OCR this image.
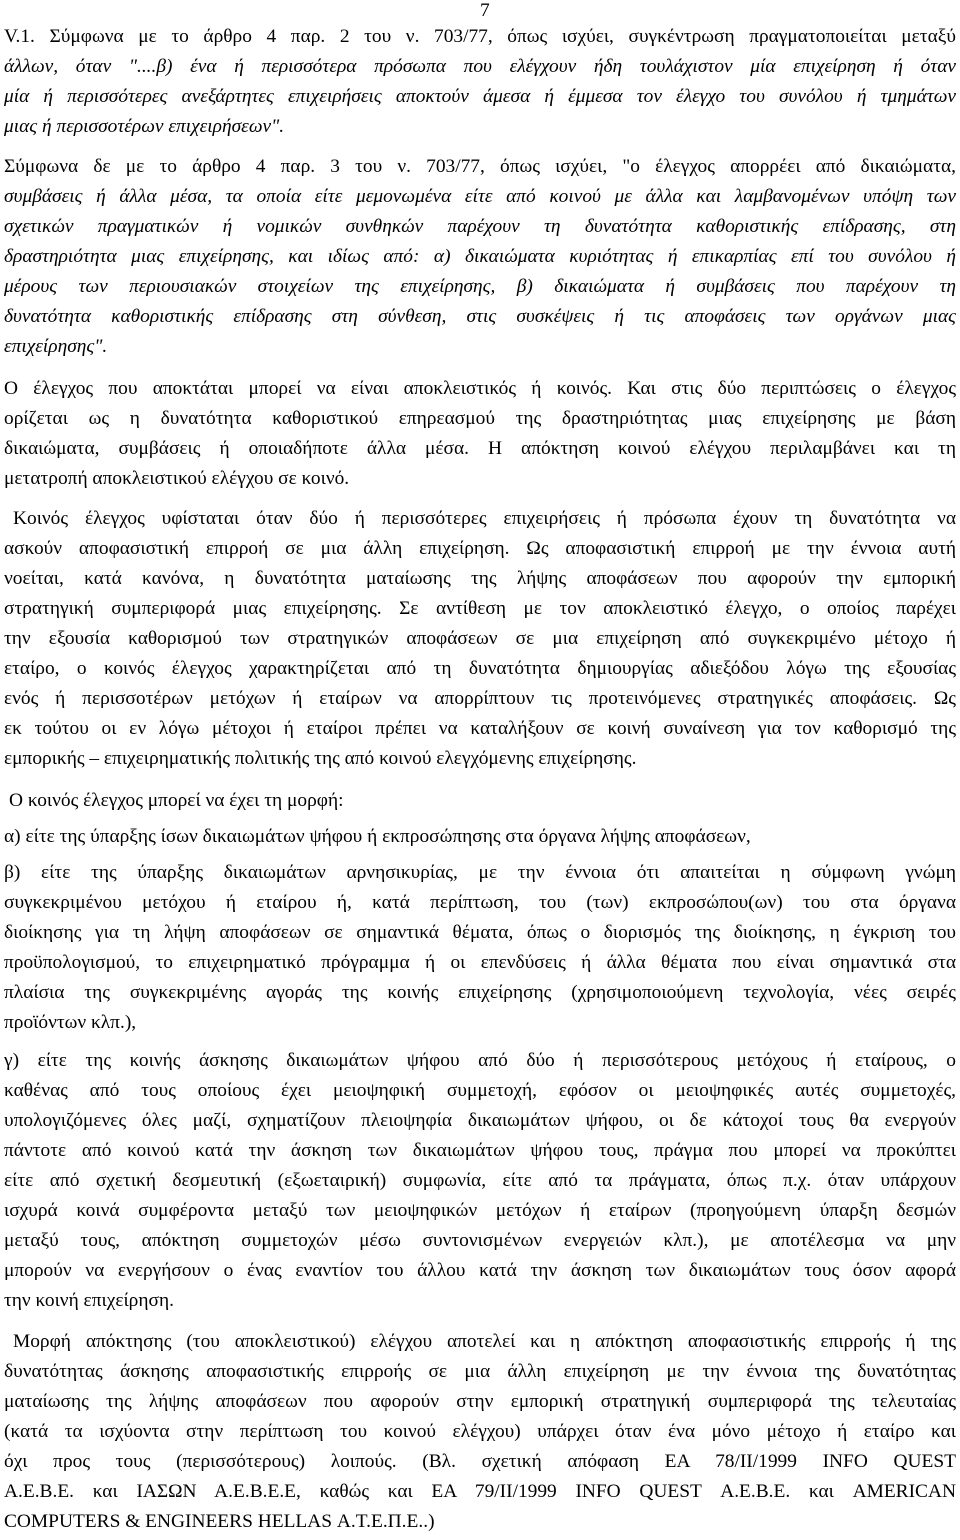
7
V.1. Σύμφωνα με το άρθρο 4 παρ. 2 του ν. 703/77, όπως ισχύει, συγκέντρωση πραγματοποιείται μεταξύ
άλλων, όταν "....β) ένα ή περισσότερα πρόσωπα που ελέγχουν ήδη τουλάχιστον μία επιχείρηση ή όταν
μία ή περισσότερες ανεξάρτητες επιχειρήσεις αποκτούν άμεσα ή έμμεσα τον έλεγχο του συνόλου ή τμημάτων
μιας ή περισσοτέρων επιχειρήσεων".
Σύμφωνα δε με το άρθρο 4 παρ. 3 του ν. 703/77, όπως ισχύει, "ο έλεγχος απορρέει από δικαιώματα,
συμβάσεις ή άλλα μέσα, τα οποία είτε μεμονωμένα είτε από κοινού με άλλα και λαμβανομένων υπόψη των
σχετικών πραγματικών ή νομικών συνθηκών παρέχουν τη δυνατότητα καθοριστικής επίδρασης, στη
δραστηριότητα μιας επιχείρησης, και ιδίως από: α) δικαιώματα κυριότητας ή επικαρπίας επί του συνόλου ή
μέρους των περιουσιακών στοιχείων της επιχείρησης, β) δικαιώματα ή συμβάσεις που παρέχουν τη
δυνατότητα καθοριστικής επίδρασης στη σύνθεση, στις συσκέψεις ή τις αποφάσεις των οργάνων μιας
επιχείρησης".
Ο έλεγχος που αποκτάται μπορεί να είναι αποκλειστικός ή κοινός. Και στις δύο περιπτώσεις ο έλεγχος
ορίζεται ως η δυνατότητα καθοριστικού επηρεασμού της δραστηριότητας μιας επιχείρησης με βάση
δικαιώματα, συμβάσεις ή οποιαδήποτε άλλα μέσα. Η απόκτηση κοινού ελέγχου περιλαμβάνει και τη
μετατροπή αποκλειστικού ελέγχου σε κοινό.
Κοινός έλεγχος υφίσταται όταν δύο ή περισσότερες επιχειρήσεις ή πρόσωπα έχουν τη δυνατότητα να
ασκούν αποφασιστική επιρροή σε μια άλλη επιχείρηση. Ως αποφασιστική επιρροή με την έννοια αυτή
νοείται, κατά κανόνα, η δυνατότητα ματαίωσης της λήψης αποφάσεων που αφορούν την εμπορική
στρατηγική συμπεριφορά μιας επιχείρησης. Σε αντίθεση με τον αποκλειστικό έλεγχο, ο οποίος παρέχει
την εξουσία καθορισμού των στρατηγικών αποφάσεων σε μια επιχείρηση από συγκεκριμένο μέτοχο ή
εταίρο, ο κοινός έλεγχος χαρακτηρίζεται από τη δυνατότητα δημιουργίας αδιεξόδου λόγω της εξουσίας
ενός ή περισσοτέρων μετόχων ή εταίρων να απορρίπτουν τις προτεινόμενες στρατηγικές αποφάσεις. Ως
εκ τούτου οι εν λόγω μέτοχοι ή εταίροι πρέπει να καταλήξουν σε κοινή συναίνεση για τον καθορισμό της
εμπορικής – επιχειρηματικής πολιτικής της από κοινού ελεγχόμενης επιχείρησης.
Ο κοινός έλεγχος μπορεί να έχει τη μορφή:
α) είτε της ύπαρξης ίσων δικαιωμάτων ψήφου ή εκπροσώπησης στα όργανα λήψης αποφάσεων,
β) είτε της ύπαρξης δικαιωμάτων αρνησικυρίας, με την έννοια ότι απαιτείται η σύμφωνη γνώμη
συγκεκριμένου μετόχου ή εταίρου ή, κατά περίπτωση, του (των) εκπροσώπου(ων) του στα όργανα
διοίκησης για τη λήψη αποφάσεων σε σημαντικά θέματα, όπως ο διορισμός της διοίκησης, η έγκριση του
προϋπολογισμού, το επιχειρηματικό πρόγραμμα ή οι επενδύσεις ή άλλα θέματα που είναι σημαντικά στα
πλαίσια της συγκεκριμένης αγοράς της κοινής επιχείρησης (χρησιμοποιούμενη τεχνολογία, νέες σειρές
προϊόντων κλπ.),
γ) είτε της κοινής άσκησης δικαιωμάτων ψήφου από δύο ή περισσότερους μετόχους ή εταίρους, ο
καθένας από τους οποίους έχει μειοψηφική συμμετοχή, εφόσον οι μειοψηφικές αυτές συμμετοχές,
υπολογιζόμενες όλες μαζί, σχηματίζουν πλειοψηφία δικαιωμάτων ψήφου, οι δε κάτοχοί τους θα ενεργούν
πάντοτε από κοινού κατά την άσκηση των δικαιωμάτων ψήφου τους, πράγμα που μπορεί να προκύπτει
είτε από σχετική δεσμευτική (εξωεταιρική) συμφωνία, είτε από τα πράγματα, όπως π.χ. όταν υπάρχουν
ισχυρά κοινά συμφέροντα μεταξύ των μειοψηφικών μετόχων ή εταίρων (προηγούμενη ύπαρξη δεσμών
μεταξύ τους, απόκτηση συμμετοχών μέσω συντονισμένων ενεργειών κλπ.), με αποτέλεσμα να μην
μπορούν να ενεργήσουν ο ένας εναντίον του άλλου κατά την άσκηση των δικαιωμάτων τους όσον αφορά
την κοινή επιχείρηση.
Μορφή απόκτησης (του αποκλειστικού) ελέγχου αποτελεί και η απόκτηση αποφασιστικής επιρροής ή της
δυνατότητας άσκησης αποφασιστικής επιρροής σε μια άλλη επιχείρηση με την έννοια της δυνατότητας
ματαίωσης της λήψης αποφάσεων που αφορούν στην εμπορική στρατηγική συμπεριφορά της τελευταίας
(κατά τα ισχύοντα στην περίπτωση του κοινού ελέγχου) υπάρχει όταν ένα μόνο μέτοχο ή εταίρο και
όχι προς τους (περισσότερους) λοιπούς. (Βλ. σχετική απόφαση ΕΑ 78/ΙΙ/1999 INFO QUEST
Α.Ε.Β.Ε. και ΙΑΣΩΝ Α.Ε.Β.Ε.Ε, καθώς και ΕΑ 79/ΙΙ/1999 INFO QUEST Α.Ε.Β.Ε. και AMERICAN
COMPUTERS & ENGINEERS HELLAS Α.Τ.Ε.Π.Ε..)
